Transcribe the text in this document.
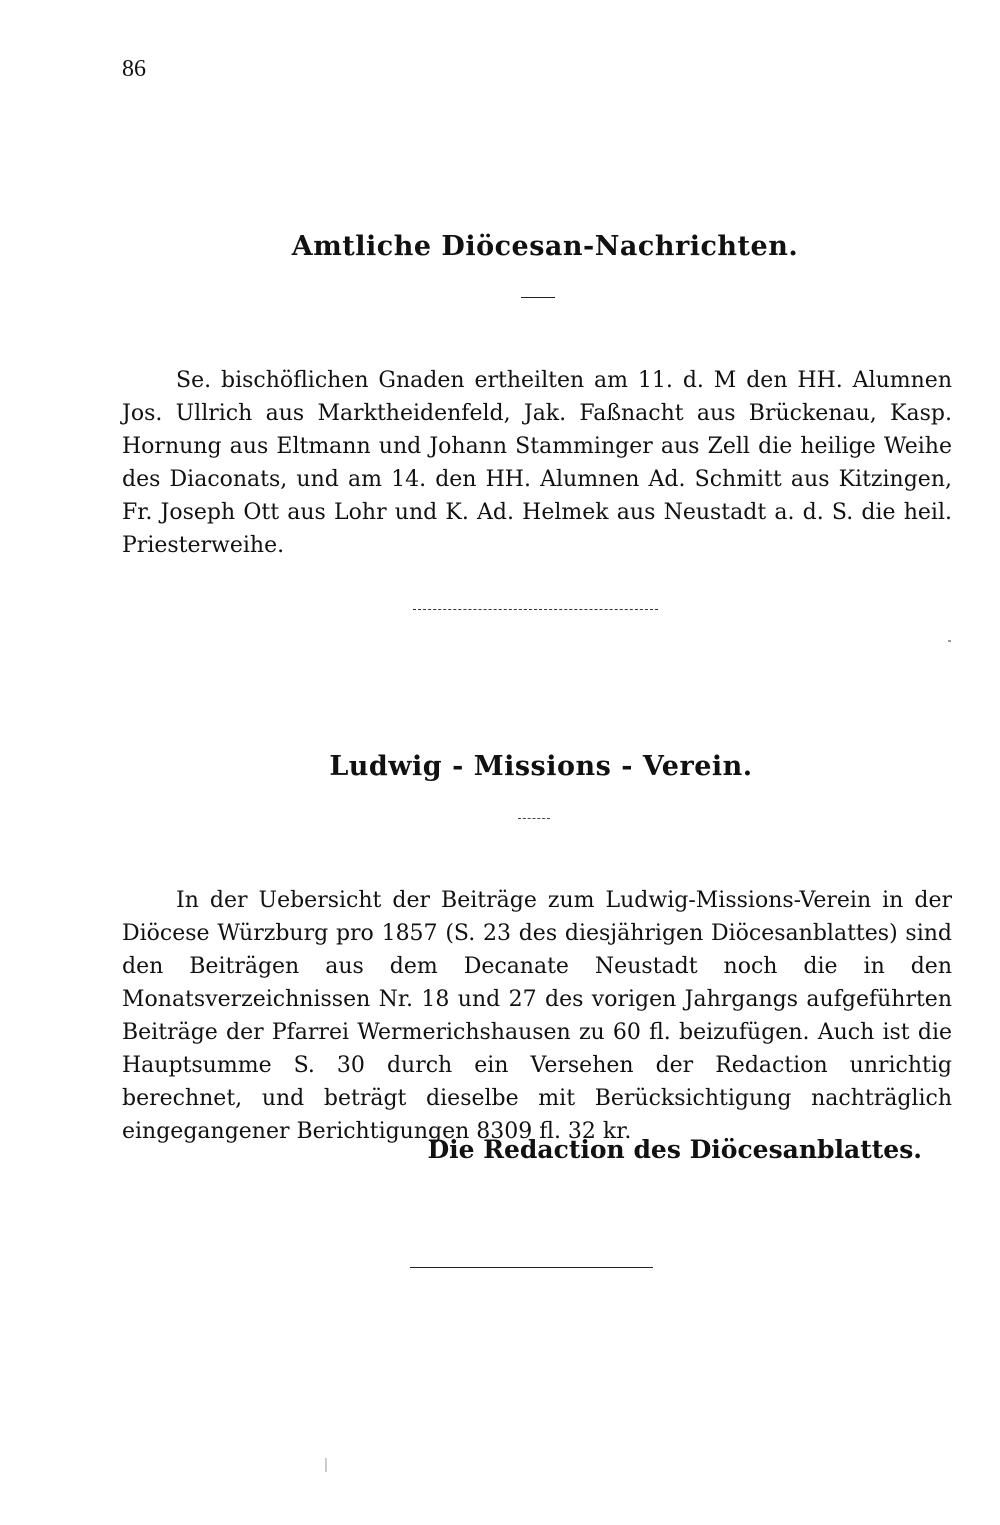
86
Amtliche Diöcesan-Nachrichten.

Se. bischöflichen Gnaden ertheilten am 11. d. M den HH. Alumnen Jos. Ullrich aus Marktheidenfeld, Jak. Faßnacht aus Brückenau, Kasp. Hornung aus Eltmann und Johann Stamminger aus Zell die heilige Weihe des Diaconats, und am 14. den HH. Alumnen Ad. Schmitt aus Kitzingen, Fr. Joseph Ott aus Lohr und K. Ad. Helmek aus Neustadt a. d. S. die heil. Priesterweihe.

Ludwig - Missions - Verein.

In der Uebersicht der Beiträge zum Ludwig-Missions-Verein in der Diöcese Würzburg pro 1857 (S. 23 des diesjährigen Diöcesanblattes) sind den Beiträgen aus dem Decanate Neustadt noch die in den Monatsverzeichnissen Nr. 18 und 27 des vorigen Jahrgangs aufgeführten Beiträge der Pfarrei Wermerichshausen zu 60 fl. beizufügen. Auch ist die Hauptsumme S. 30 durch ein Versehen der Redaction unrichtig berechnet, und beträgt dieselbe mit Berücksichtigung nachträglich eingegangener Berichtigungen 8309 fl. 32 kr.

Die Redaction des Diöcesanblattes.
